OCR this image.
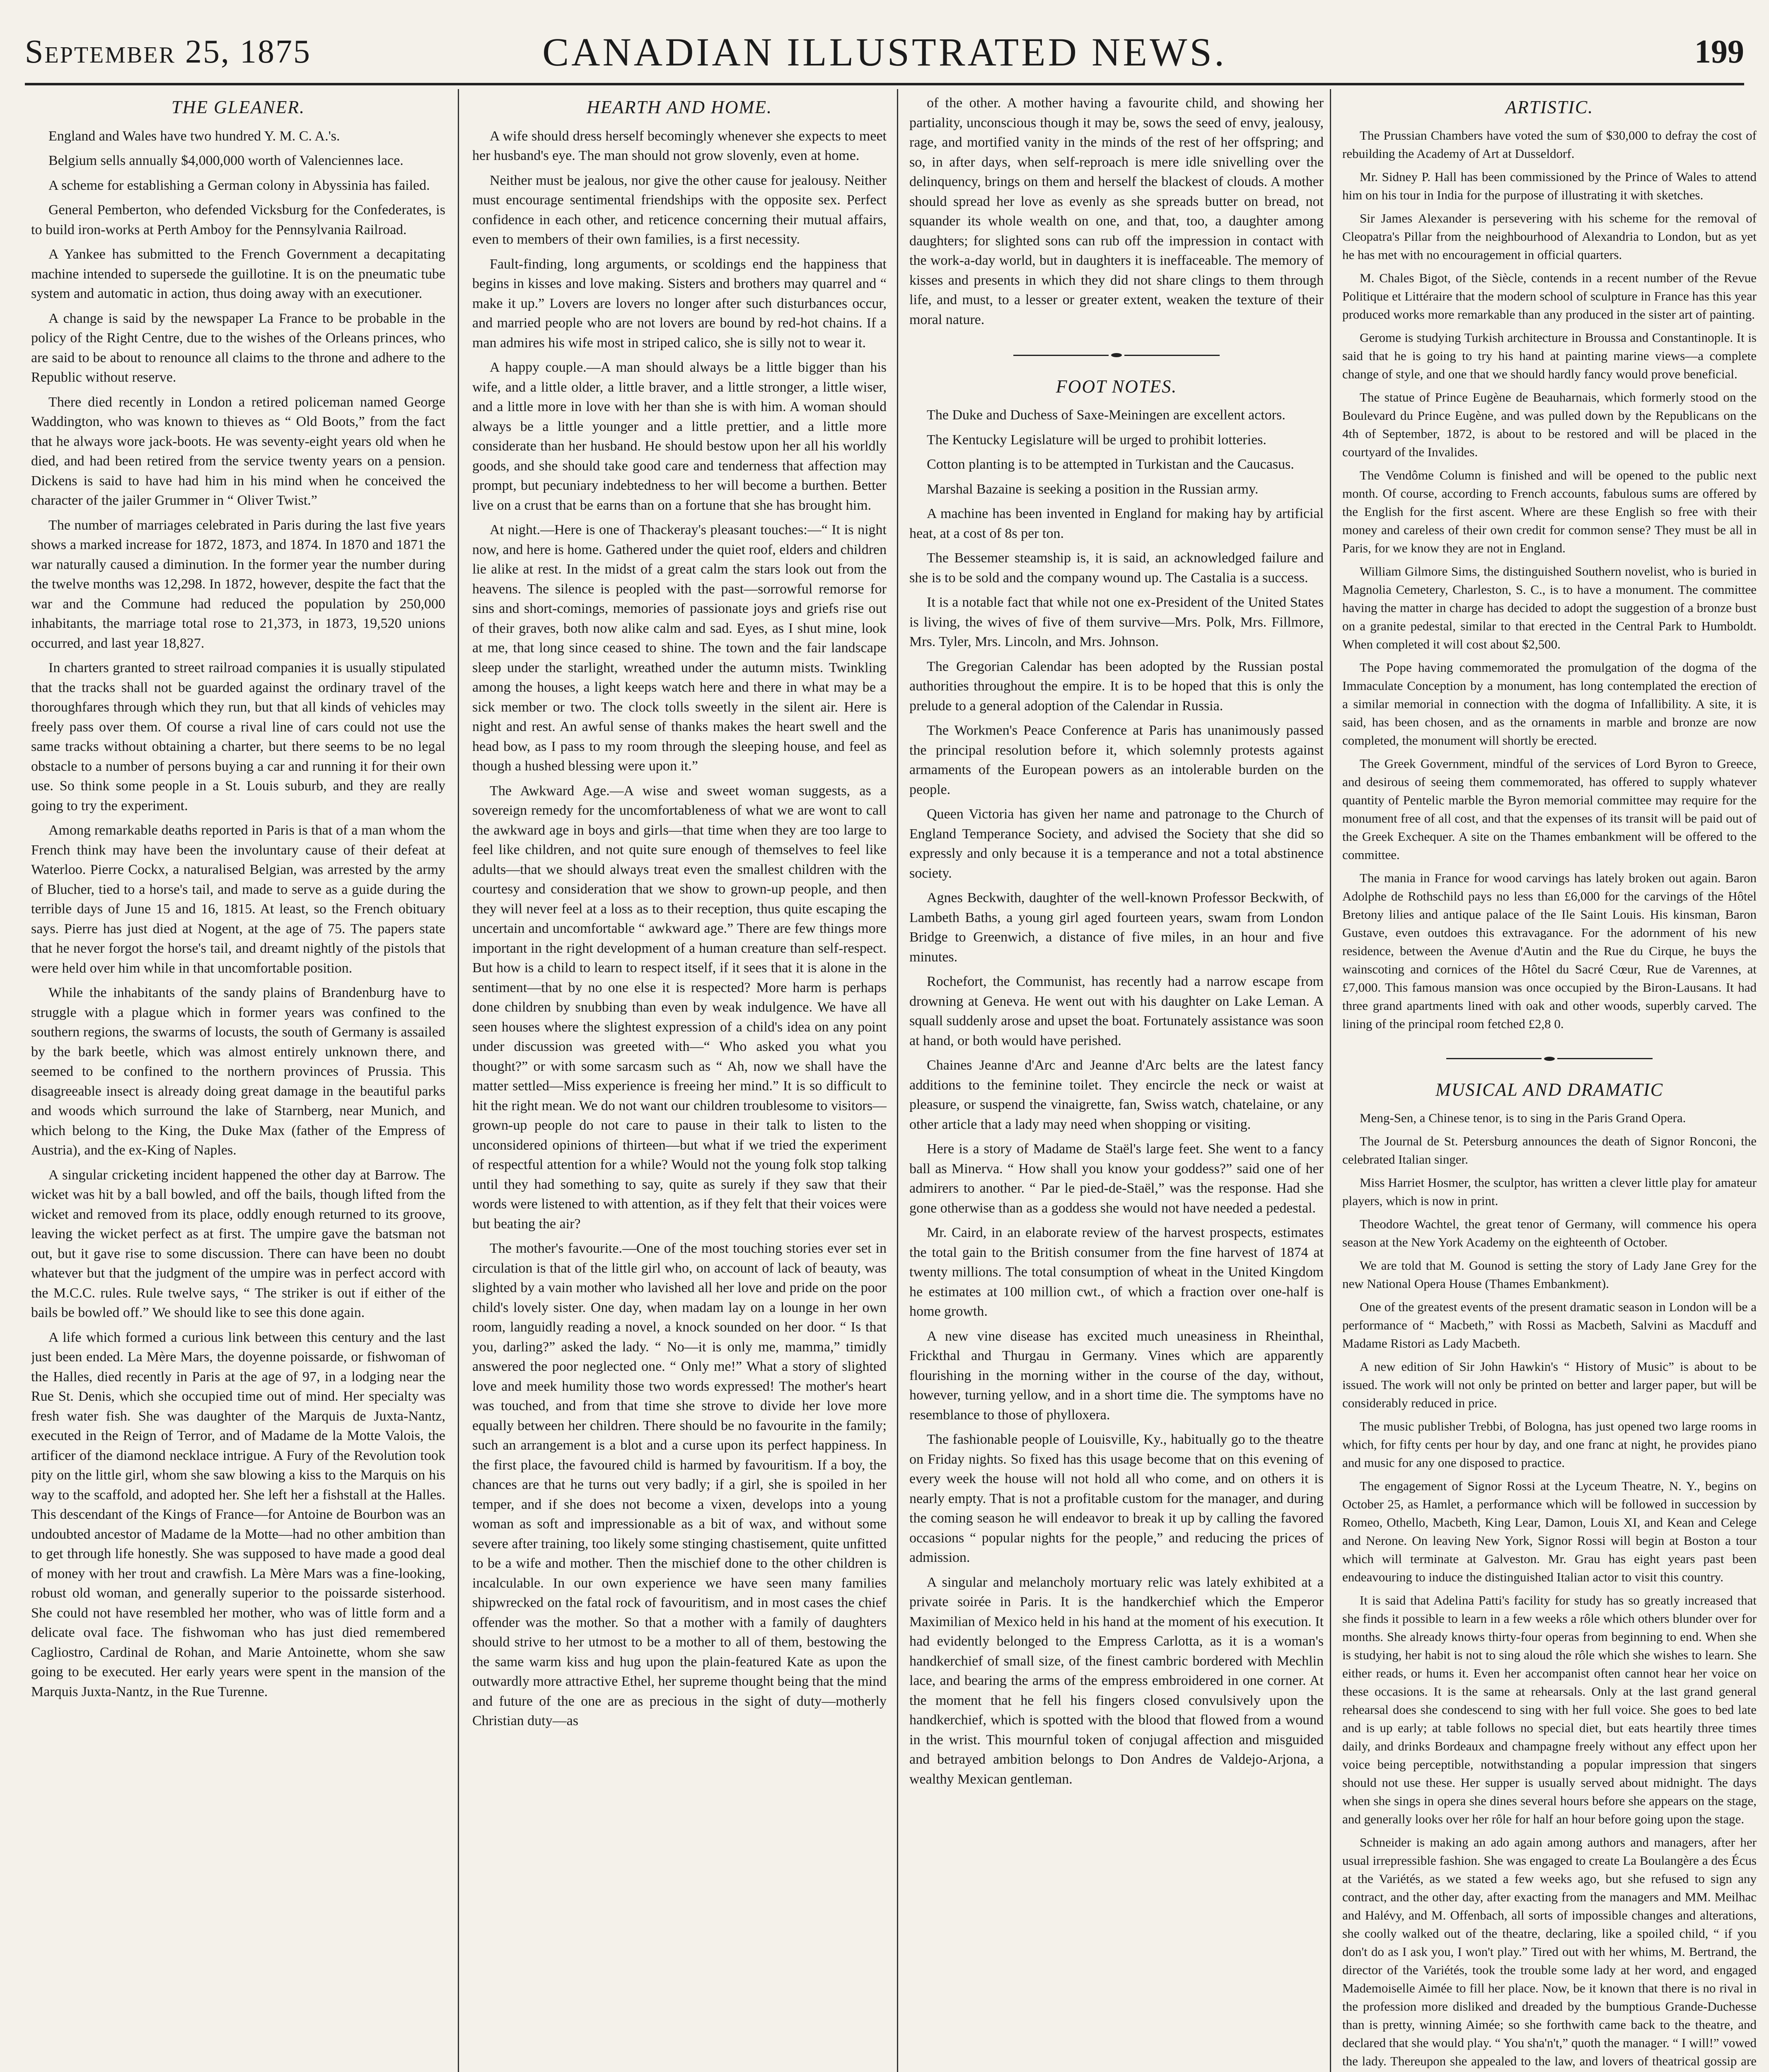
September 25, 1875	CANADIAN ILLUSTRATED NEWS.	199
THE GLEANER.

England and Wales have two hundred Y. M. C. A.'s.

Belgium sells annually $4,000,000 worth of Valenciennes lace.

A scheme for establishing a German colony in Abyssinia has failed.

General Pemberton, who defended Vicksburg for the Confederates, is to build iron-works at Perth Amboy for the Pennsylvania Railroad.

A Yankee has submitted to the French Government a decapitating machine intended to supersede the guillotine. It is on the pneumatic tube system and automatic in action, thus doing away with an executioner.

A change is said by the newspaper La France to be probable in the policy of the Right Centre, due to the wishes of the Orleans princes, who are said to be about to renounce all claims to the throne and adhere to the Republic without reserve.

There died recently in London a retired policeman named George Waddington, who was known to thieves as “ Old Boots,” from the fact that he always wore jack-boots. He was seventy-eight years old when he died, and had been retired from the service twenty years on a pension. Dickens is said to have had him in his mind when he conceived the character of the jailer Grummer in “ Oliver Twist.”

The number of marriages celebrated in Paris during the last five years shows a marked increase for 1872, 1873, and 1874. In 1870 and 1871 the war naturally caused a diminution. In the former year the number during the twelve months was 12,298. In 1872, however, despite the fact that the war and the Commune had reduced the population by 250,000 inhabitants, the marriage total rose to 21,373, in 1873, 19,520 unions occurred, and last year 18,827.

In charters granted to street railroad companies it is usually stipulated that the tracks shall not be guarded against the ordinary travel of the thoroughfares through which they run, but that all kinds of vehicles may freely pass over them. Of course a rival line of cars could not use the same tracks without obtaining a charter, but there seems to be no legal obstacle to a number of persons buying a car and running it for their own use. So think some people in a St. Louis suburb, and they are really going to try the experiment.

Among remarkable deaths reported in Paris is that of a man whom the French think may have been the involuntary cause of their defeat at Waterloo. Pierre Cockx, a naturalised Belgian, was arrested by the army of Blucher, tied to a horse's tail, and made to serve as a guide during the terrible days of June 15 and 16, 1815. At least, so the French obituary says. Pierre has just died at Nogent, at the age of 75. The papers state that he never forgot the horse's tail, and dreamt nightly of the pistols that were held over him while in that uncomfortable position.

While the inhabitants of the sandy plains of Brandenburg have to struggle with a plague which in former years was confined to the southern regions, the swarms of locusts, the south of Germany is assailed by the bark beetle, which was almost entirely unknown there, and seemed to be confined to the northern provinces of Prussia. This disagreeable insect is already doing great damage in the beautiful parks and woods which surround the lake of Starnberg, near Munich, and which belong to the King, the Duke Max (father of the Empress of Austria), and the ex-King of Naples.

A singular cricketing incident happened the other day at Barrow. The wicket was hit by a ball bowled, and off the bails, though lifted from the wicket and removed from its place, oddly enough returned to its groove, leaving the wicket perfect as at first. The umpire gave the batsman not out, but it gave rise to some discussion. There can have been no doubt whatever but that the judgment of the umpire was in perfect accord with the M.C.C. rules. Rule twelve says, “ The striker is out if either of the bails be bowled off.” We should like to see this done again.

A life which formed a curious link between this century and the last just been ended. La Mère Mars, the doyenne poissarde, or fishwoman of the Halles, died recently in Paris at the age of 97, in a lodging near the Rue St. Denis, which she occupied time out of mind. Her specialty was fresh water fish. She was daughter of the Marquis de Juxta-Nantz, executed in the Reign of Terror, and of Madame de la Motte Valois, the artificer of the diamond necklace intrigue. A Fury of the Revolution took pity on the little girl, whom she saw blowing a kiss to the Marquis on his way to the scaffold, and adopted her. She left her a fishstall at the Halles. This descendant of the Kings of France—for Antoine de Bourbon was an undoubted ancestor of Madame de la Motte—had no other ambition than to get through life honestly. She was supposed to have made a good deal of money with her trout and crawfish. La Mère Mars was a fine-looking, robust old woman, and generally superior to the poissarde sisterhood. She could not have resembled her mother, who was of little form and a delicate oval face. The fishwoman who has just died remembered Cagliostro, Cardinal de Rohan, and Marie Antoinette, whom she saw going to be executed. Her early years were spent in the mansion of the Marquis Juxta-Nantz, in the Rue Turenne.

HEARTH AND HOME.

A wife should dress herself becomingly whenever she expects to meet her husband's eye. The man should not grow slovenly, even at home.

Neither must be jealous, nor give the other cause for jealousy. Neither must encourage sentimental friendships with the opposite sex. Perfect confidence in each other, and reticence concerning their mutual affairs, even to members of their own families, is a first necessity.

Fault-finding, long arguments, or scoldings end the happiness that begins in kisses and love making. Sisters and brothers may quarrel and “ make it up.” Lovers are lovers no longer after such disturbances occur, and married people who are not lovers are bound by red-hot chains. If a man admires his wife most in striped calico, she is silly not to wear it.

A happy couple.—A man should always be a little bigger than his wife, and a little older, a little braver, and a little stronger, a little wiser, and a little more in love with her than she is with him. A woman should always be a little younger and a little prettier, and a little more considerate than her husband. He should bestow upon her all his worldly goods, and she should take good care and tenderness that affection may prompt, but pecuniary indebtedness to her will become a burthen. Better live on a crust that be earns than on a fortune that she has brought him.

At night.—Here is one of Thackeray's pleasant touches:—“ It is night now, and here is home. Gathered under the quiet roof, elders and children lie alike at rest. In the midst of a great calm the stars look out from the heavens. The silence is peopled with the past—sorrowful remorse for sins and short-comings, memories of passionate joys and griefs rise out of their graves, both now alike calm and sad. Eyes, as I shut mine, look at me, that long since ceased to shine. The town and the fair landscape sleep under the starlight, wreathed under the autumn mists. Twinkling among the houses, a light keeps watch here and there in what may be a sick member or two. The clock tolls sweetly in the silent air. Here is night and rest. An awful sense of thanks makes the heart swell and the head bow, as I pass to my room through the sleeping house, and feel as though a hushed blessing were upon it.”

The Awkward Age.—A wise and sweet woman suggests, as a sovereign remedy for the uncomfortableness of what we are wont to call the awkward age in boys and girls—that time when they are too large to feel like children, and not quite sure enough of themselves to feel like adults—that we should always treat even the smallest children with the courtesy and consideration that we show to grown-up people, and then they will never feel at a loss as to their reception, thus quite escaping the uncertain and uncomfortable “ awkward age.” There are few things more important in the right development of a human creature than self-respect. But how is a child to learn to respect itself, if it sees that it is alone in the sentiment—that by no one else it is respected? More harm is perhaps done children by snubbing than even by weak indulgence. We have all seen houses where the slightest expression of a child's idea on any point under discussion was greeted with—“ Who asked you what you thought?” or with some sarcasm such as “ Ah, now we shall have the matter settled—Miss experience is freeing her mind.” It is so difficult to hit the right mean. We do not want our children troublesome to visitors—grown-up people do not care to pause in their talk to listen to the unconsidered opinions of thirteen—but what if we tried the experiment of respectful attention for a while? Would not the young folk stop talking until they had something to say, quite as surely if they saw that their words were listened to with attention, as if they felt that their voices were but beating the air?

The mother's favourite.—One of the most touching stories ever set in circulation is that of the little girl who, on account of lack of beauty, was slighted by a vain mother who lavished all her love and pride on the poor child's lovely sister. One day, when madam lay on a lounge in her own room, languidly reading a novel, a knock sounded on her door. “ Is that you, darling?” asked the lady. “ No—it is only me, mamma,” timidly answered the poor neglected one. “ Only me!” What a story of slighted love and meek humility those two words expressed! The mother's heart was touched, and from that time she strove to divide her love more equally between her children. There should be no favourite in the family; such an arrangement is a blot and a curse upon its perfect happiness. In the first place, the favoured child is harmed by favouritism. If a boy, the chances are that he turns out very badly; if a girl, she is spoiled in her temper, and if she does not become a vixen, develops into a young woman as soft and impressionable as a bit of wax, and without some severe after training, too likely some stinging chastisement, quite unfitted to be a wife and mother. Then the mischief done to the other children is incalculable. In our own experience we have seen many families shipwrecked on the fatal rock of favouritism, and in most cases the chief offender was the mother. So that a mother with a family of daughters should strive to her utmost to be a mother to all of them, bestowing the the same warm kiss and hug upon the plain-featured Kate as upon the outwardly more attractive Ethel, her supreme thought being that the mind and future of the one are as precious in the sight of duty—motherly Christian duty—as

of the other. A mother having a favourite child, and showing her partiality, unconscious though it may be, sows the seed of envy, jealousy, rage, and mortified vanity in the minds of the rest of her offspring; and so, in after days, when self-reproach is mere idle snivelling over the delinquency, brings on them and herself the blackest of clouds. A mother should spread her love as evenly as she spreads butter on bread, not squander its whole wealth on one, and that, too, a daughter among daughters; for slighted sons can rub off the impression in contact with the work-a-day world, but in daughters it is ineffaceable. The memory of kisses and presents in which they did not share clings to them through life, and must, to a lesser or greater extent, weaken the texture of their moral nature.

FOOT NOTES.

The Duke and Duchess of Saxe-Meiningen are excellent actors.

The Kentucky Legislature will be urged to prohibit lotteries.

Cotton planting is to be attempted in Turkistan and the Caucasus.

Marshal Bazaine is seeking a position in the Russian army.

A machine has been invented in England for making hay by artificial heat, at a cost of 8s per ton.

The Bessemer steamship is, it is said, an acknowledged failure and she is to be sold and the company wound up. The Castalia is a success.

It is a notable fact that while not one ex-President of the United States is living, the wives of five of them survive—Mrs. Polk, Mrs. Fillmore, Mrs. Tyler, Mrs. Lincoln, and Mrs. Johnson.

The Gregorian Calendar has been adopted by the Russian postal authorities throughout the empire. It is to be hoped that this is only the prelude to a general adoption of the Calendar in Russia.

The Workmen's Peace Conference at Paris has unanimously passed the principal resolution before it, which solemnly protests against armaments of the European powers as an intolerable burden on the people.

Queen Victoria has given her name and patronage to the Church of England Temperance Society, and advised the Society that she did so expressly and only because it is a temperance and not a total abstinence society.

Agnes Beckwith, daughter of the well-known Professor Beckwith, of Lambeth Baths, a young girl aged fourteen years, swam from London Bridge to Greenwich, a distance of five miles, in an hour and five minutes.

Rochefort, the Communist, has recently had a narrow escape from drowning at Geneva. He went out with his daughter on Lake Leman. A squall suddenly arose and upset the boat. Fortunately assistance was soon at hand, or both would have perished.

Chaines Jeanne d'Arc and Jeanne d'Arc belts are the latest fancy additions to the feminine toilet. They encircle the neck or waist at pleasure, or suspend the vinaigrette, fan, Swiss watch, chatelaine, or any other article that a lady may need when shopping or visiting.

Here is a story of Madame de Staël's large feet. She went to a fancy ball as Minerva. “ How shall you know your goddess?” said one of her admirers to another. “ Par le pied-de-Staël,” was the response. Had she gone otherwise than as a goddess she would not have needed a pedestal.

Mr. Caird, in an elaborate review of the harvest prospects, estimates the total gain to the British consumer from the fine harvest of 1874 at twenty millions. The total consumption of wheat in the United Kingdom he estimates at 100 million cwt., of which a fraction over one-half is home growth.

A new vine disease has excited much uneasiness in Rheinthal, Frickthal and Thurgau in Germany. Vines which are apparently flourishing in the morning wither in the course of the day, without, however, turning yellow, and in a short time die. The symptoms have no resemblance to those of phylloxera.

The fashionable people of Louisville, Ky., habitually go to the theatre on Friday nights. So fixed has this usage become that on this evening of every week the house will not hold all who come, and on others it is nearly empty. That is not a profitable custom for the manager, and during the coming season he will endeavor to break it up by calling the favored occasions “ popular nights for the people,” and reducing the prices of admission.

A singular and melancholy mortuary relic was lately exhibited at a private soirée in Paris. It is the handkerchief which the Emperor Maximilian of Mexico held in his hand at the moment of his execution. It had evidently belonged to the Empress Carlotta, as it is a woman's handkerchief of small size, of the finest cambric bordered with Mechlin lace, and bearing the arms of the empress embroidered in one corner. At the moment that he fell his fingers closed convulsively upon the handkerchief, which is spotted with the blood that flowed from a wound in the wrist. This mournful token of conjugal affection and misguided and betrayed ambition belongs to Don Andres de Valdejo-Arjona, a wealthy Mexican gentleman.

ARTISTIC.

The Prussian Chambers have voted the sum of $30,000 to defray the cost of rebuilding the Academy of Art at Dusseldorf.

Mr. Sidney P. Hall has been commissioned by the Prince of Wales to attend him on his tour in India for the purpose of illustrating it with sketches.

Sir James Alexander is persevering with his scheme for the removal of Cleopatra's Pillar from the neighbourhood of Alexandria to London, but as yet he has met with no encouragement in official quarters.

M. Chales Bigot, of the Siècle, contends in a recent number of the Revue Politique et Littéraire that the modern school of sculpture in France has this year produced works more remarkable than any produced in the sister art of painting.

Gerome is studying Turkish architecture in Broussa and Constantinople. It is said that he is going to try his hand at painting marine views—a complete change of style, and one that we should hardly fancy would prove beneficial.

The statue of Prince Eugène de Beauharnais, which formerly stood on the Boulevard du Prince Eugène, and was pulled down by the Republicans on the 4th of September, 1872, is about to be restored and will be placed in the courtyard of the Invalides.

The Vendôme Column is finished and will be opened to the public next month. Of course, according to French accounts, fabulous sums are offered by the English for the first ascent. Where are these English so free with their money and careless of their own credit for common sense? They must be all in Paris, for we know they are not in England.

William Gilmore Sims, the distinguished Southern novelist, who is buried in Magnolia Cemetery, Charleston, S. C., is to have a monument. The committee having the matter in charge has decided to adopt the suggestion of a bronze bust on a granite pedestal, similar to that erected in the Central Park to Humboldt. When completed it will cost about $2,500.

The Pope having commemorated the promulgation of the dogma of the Immaculate Conception by a monument, has long contemplated the erection of a similar memorial in connection with the dogma of Infallibility. A site, it is said, has been chosen, and as the ornaments in marble and bronze are now completed, the monument will shortly be erected.

The Greek Government, mindful of the services of Lord Byron to Greece, and desirous of seeing them commemorated, has offered to supply whatever quantity of Pentelic marble the Byron memorial committee may require for the monument free of all cost, and that the expenses of its transit will be paid out of the Greek Exchequer. A site on the Thames embankment will be offered to the committee.

The mania in France for wood carvings has lately broken out again. Baron Adolphe de Rothschild pays no less than £6,000 for the carvings of the Hôtel Bretony lilies and antique palace of the Ile Saint Louis. His kinsman, Baron Gustave, even outdoes this extravagance. For the adornment of his new residence, between the Avenue d'Autin and the Rue du Cirque, he buys the wainscoting and cornices of the Hôtel du Sacré Cœur, Rue de Varennes, at £7,000. This famous mansion was once occupied by the Biron-Lausans. It had three grand apartments lined with oak and other woods, superbly carved. The lining of the principal room fetched £2,8 0.

MUSICAL AND DRAMATIC

Meng-Sen, a Chinese tenor, is to sing in the Paris Grand Opera.

The Journal de St. Petersburg announces the death of Signor Ronconi, the celebrated Italian singer.

Miss Harriet Hosmer, the sculptor, has written a clever little play for amateur players, which is now in print.

Theodore Wachtel, the great tenor of Germany, will commence his opera season at the New York Academy on the eighteenth of October.

We are told that M. Gounod is setting the story of Lady Jane Grey for the new National Opera House (Thames Embankment).

One of the greatest events of the present dramatic season in London will be a performance of “ Macbeth,” with Rossi as Macbeth, Salvini as Macduff and Madame Ristori as Lady Macbeth.

A new edition of Sir John Hawkin's “ History of Music” is about to be issued. The work will not only be printed on better and larger paper, but will be considerably reduced in price.

The music publisher Trebbi, of Bologna, has just opened two large rooms in which, for fifty cents per hour by day, and one franc at night, he provides piano and music for any one disposed to practice.

The engagement of Signor Rossi at the Lyceum Theatre, N. Y., begins on October 25, as Hamlet, a performance which will be followed in succession by Romeo, Othello, Macbeth, King Lear, Damon, Louis XI, and Kean and Celege and Nerone. On leaving New York, Signor Rossi will begin at Boston a tour which will terminate at Galveston. Mr. Grau has eight years past been endeavouring to induce the distinguished Italian actor to visit this country.

It is said that Adelina Patti's facility for study has so greatly increased that she finds it possible to learn in a few weeks a rôle which others blunder over for months. She already knows thirty-four operas from beginning to end. When she is studying, her habit is not to sing aloud the rôle which she wishes to learn. She either reads, or hums it. Even her accompanist often cannot hear her voice on these occasions. It is the same at rehearsals. Only at the last grand general rehearsal does she condescend to sing with her full voice. She goes to bed late and is up early; at table follows no special diet, but eats heartily three times daily, and drinks Bordeaux and champagne freely without any effect upon her voice being perceptible, notwithstanding a popular impression that singers should not use these. Her supper is usually served about midnight. The days when she sings in opera she dines several hours before she appears on the stage, and generally looks over her rôle for half an hour before going upon the stage.

Schneider is making an ado again among authors and managers, after her usual irrepressible fashion. She was engaged to create La Boulangère a des Écus at the Variétés, as we stated a few weeks ago, but she refused to sign any contract, and the other day, after exacting from the managers and MM. Meilhac and Halévy, and M. Offenbach, all sorts of impossible changes and alterations, she coolly walked out of the theatre, declaring, like a spoiled child, “ if you don't do as I ask you, I won't play.” Tired out with her whims, M. Bertrand, the director of the Variétés, took the trouble some lady at her word, and engaged Mademoiselle Aimée to fill her place. Now, be it known that there is no rival in the profession more disliked and dreaded by the bumptious Grande-Duchesse than is pretty, winning Aimée; so she forthwith came back to the theatre, and declared that she would play. “ You sha'n't,” quoth the manager. “ I will!” vowed the lady. Thereupon she appealed to the law, and lovers of theatrical gossip are
